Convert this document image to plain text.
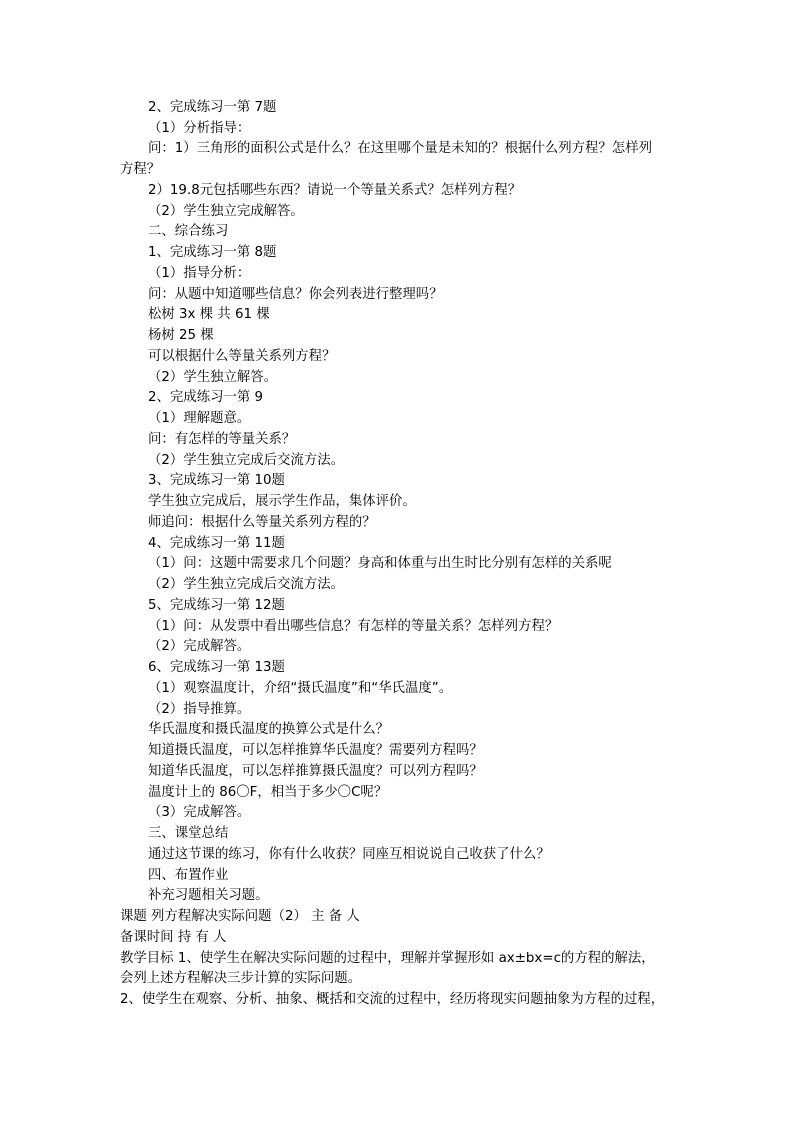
2、完成练习一第 7题
（1）分析指导：
问：1）三角形的面积公式是什么？在这里哪个量是未知的？根据什么列方程？怎样列
方程？
2）19.8元包括哪些东西？请说一个等量关系式？怎样列方程？
（2）学生独立完成解答。
二、综合练习
1、完成练习一第 8题
（1）指导分析：
问：从题中知道哪些信息？你会列表进行整理吗？
松树 3x 棵 共 61 棵
杨树 25 棵
可以根据什么等量关系列方程？
（2）学生独立解答。
2、完成练习一第 9
（1）理解题意。
问：有怎样的等量关系？
（2）学生独立完成后交流方法。
3、完成练习一第 10题
学生独立完成后，展示学生作品，集体评价。
师追问：根据什么等量关系列方程的？
4、完成练习一第 11题
（1）问：这题中需要求几个问题？身高和体重与出生时比分别有怎样的关系呢
（2）学生独立完成后交流方法。
5、完成练习一第 12题
（1）问：从发票中看出哪些信息？有怎样的等量关系？怎样列方程？
（2）完成解答。
6、完成练习一第 13题
（1）观察温度计，介绍“摄氏温度”和“华氏温度”。
（2）指导推算。
华氏温度和摄氏温度的换算公式是什么？
知道摄氏温度，可以怎样推算华氏温度？需要列方程吗？
知道华氏温度，可以怎样推算摄氏温度？可以列方程吗？
温度计上的 86〇F，相当于多少〇C呢？
（3）完成解答。
三、课堂总结
通过这节课的练习，你有什么收获？同座互相说说自己收获了什么？
四、布置作业
补充习题相关习题。
课题 列方程解决实际问题（2） 主 备 人
备课时间 持 有 人
教学目标 1、使学生在解决实际问题的过程中，理解并掌握形如 ax±bx=c的方程的解法，
会列上述方程解决三步计算的实际问题。
2、使学生在观察、分析、抽象、概括和交流的过程中，经历将现实问题抽象为方程的过程，
